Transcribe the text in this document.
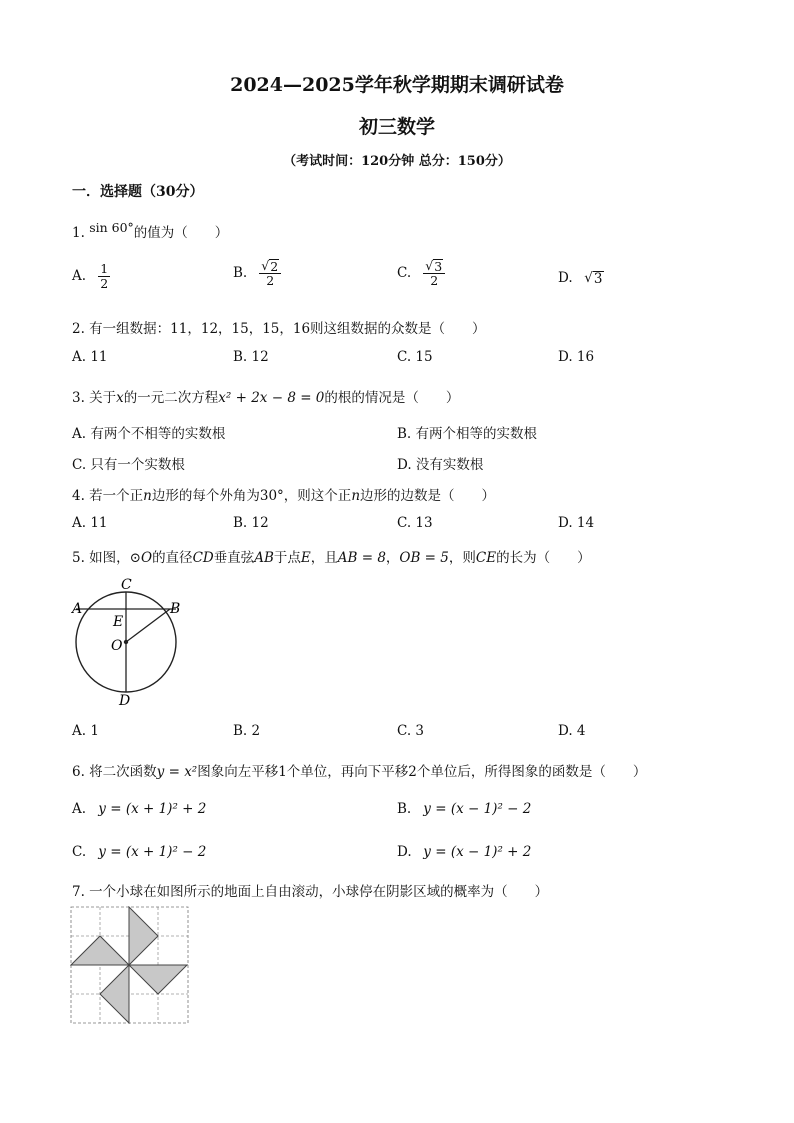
2024—2025学年秋学期期末调研试卷
初三数学
（考试时间：120分钟 总分：150分）
一．选择题（30分）
1. sin 60°的值为（　　）
A. $\frac{1}{2}$	B. $\frac{√ 2}{2}$	C. $\frac{√ 3}{2}$	D. √ 3
2. 有一组数据：11，12，15，15，16则这组数据的众数是（　　）
A. 11	B. 12	C. 15	D. 16
3. 关于x的一元二次方程x² + 2x − 8 = 0的根的情况是（　　）
A. 有两个不相等的实数根	B. 有两个相等的实数根
C. 只有一个实数根	D. 没有实数根
4. 若一个正n边形的每个外角为30°，则这个正n边形的边数是（　　）
A. 11	B. 12	C. 13	D. 14
5. 如图，⊙O的直径CD垂直弦AB于点E，且AB = 8，OB = 5，则CE的长为（　　）
C
A	B
E
O
D
A. 1	B. 2	C. 3	D. 4
6. 将二次函数y = x²图象向左平移1个单位，再向下平移2个单位后，所得图象的函数是（　　）
A. y = (x + 1)² + 2	B. y = (x − 1)² − 2
C. y = (x + 1)² − 2	D. y = (x − 1)² + 2
7. 一个小球在如图所示的地面上自由滚动，小球停在阴影区域的概率为（　　）
